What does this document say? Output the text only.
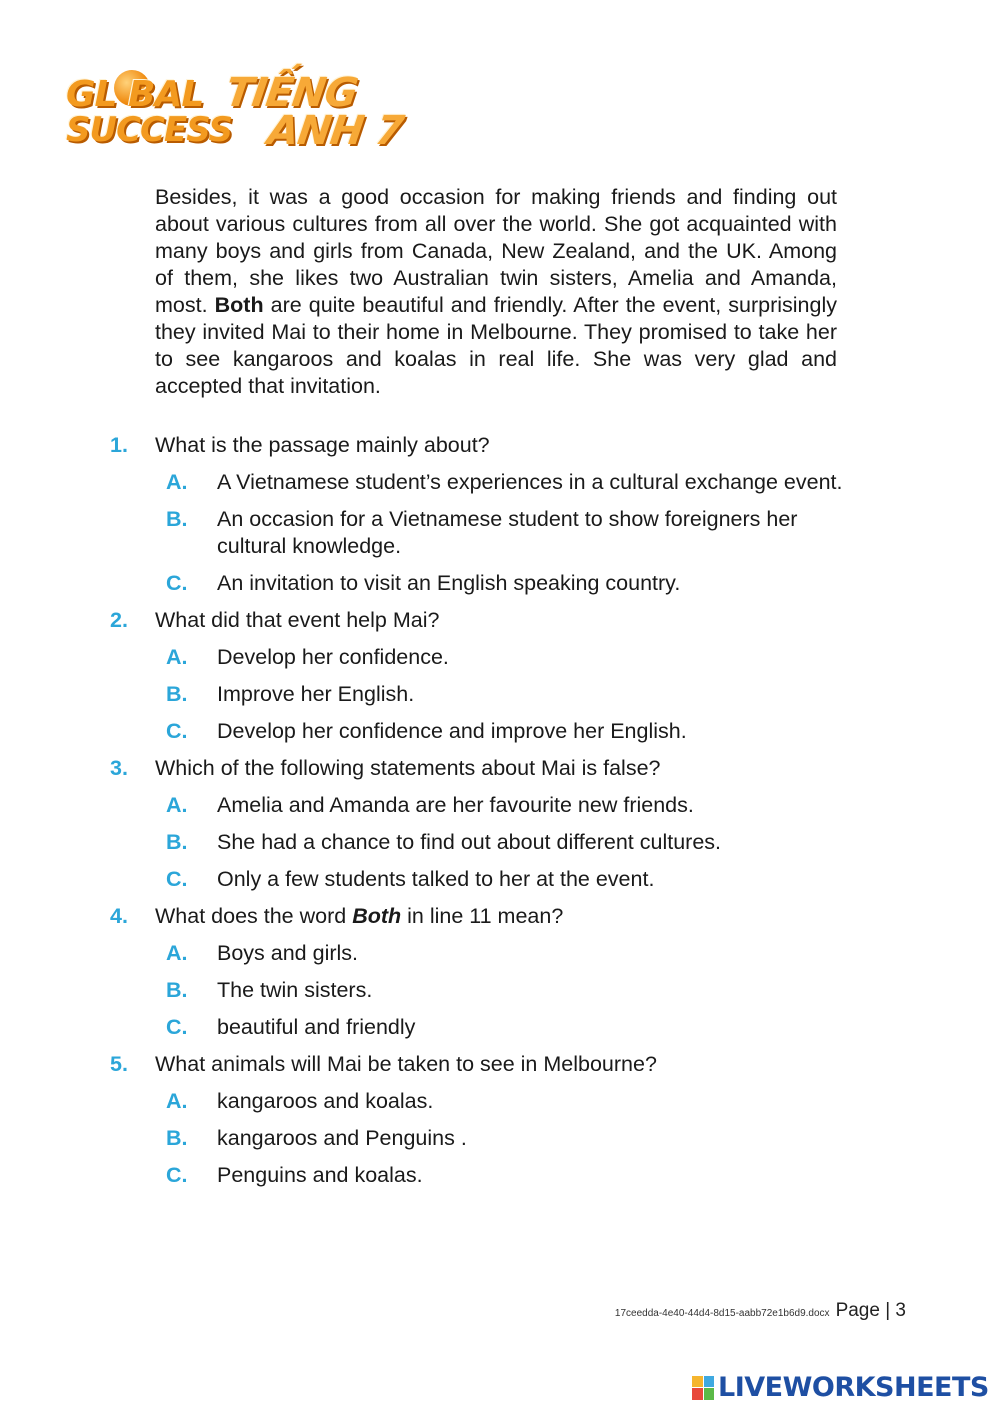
GL BAL
SUCCESS
TIẾNG
ANH 7
Besides, it was a good occasion for making friends and finding out about various cultures from all over the world. She got acquainted with many boys and girls from Canada, New Zealand, and the UK. Among of them, she likes two Australian twin sisters, Amelia and Amanda, most. Both are quite beautiful and friendly. After the event, surprisingly they invited Mai to their home in Melbourne. They promised to take her to see kangaroos and koalas in real life. She was very glad and accepted that invitation.
1. What is the passage mainly about?
A. A Vietnamese student’s experiences in a cultural exchange event.
B. An occasion for a Vietnamese student to show foreigners her cultural knowledge.
C. An invitation to visit an English speaking country.
2. What did that event help Mai?
A. Develop her confidence.
B. Improve her English.
C. Develop her confidence and improve her English.
3. Which of the following statements about Mai is false?
A. Amelia and Amanda are her favourite new friends.
B. She had a chance to find out about different cultures.
C. Only a few students talked to her at the event.
4. What does the word Both in line 11 mean?
A. Boys and girls.
B. The twin sisters.
C. beautiful and friendly
5. What animals will Mai be taken to see in Melbourne?
A. kangaroos and koalas.
B. kangaroos and Penguins .
C. Penguins and koalas.
17ceedda-4e40-44d4-8d15-aabb72e1b6d9.docx Page | 3
LIVEWORKSHEETS
